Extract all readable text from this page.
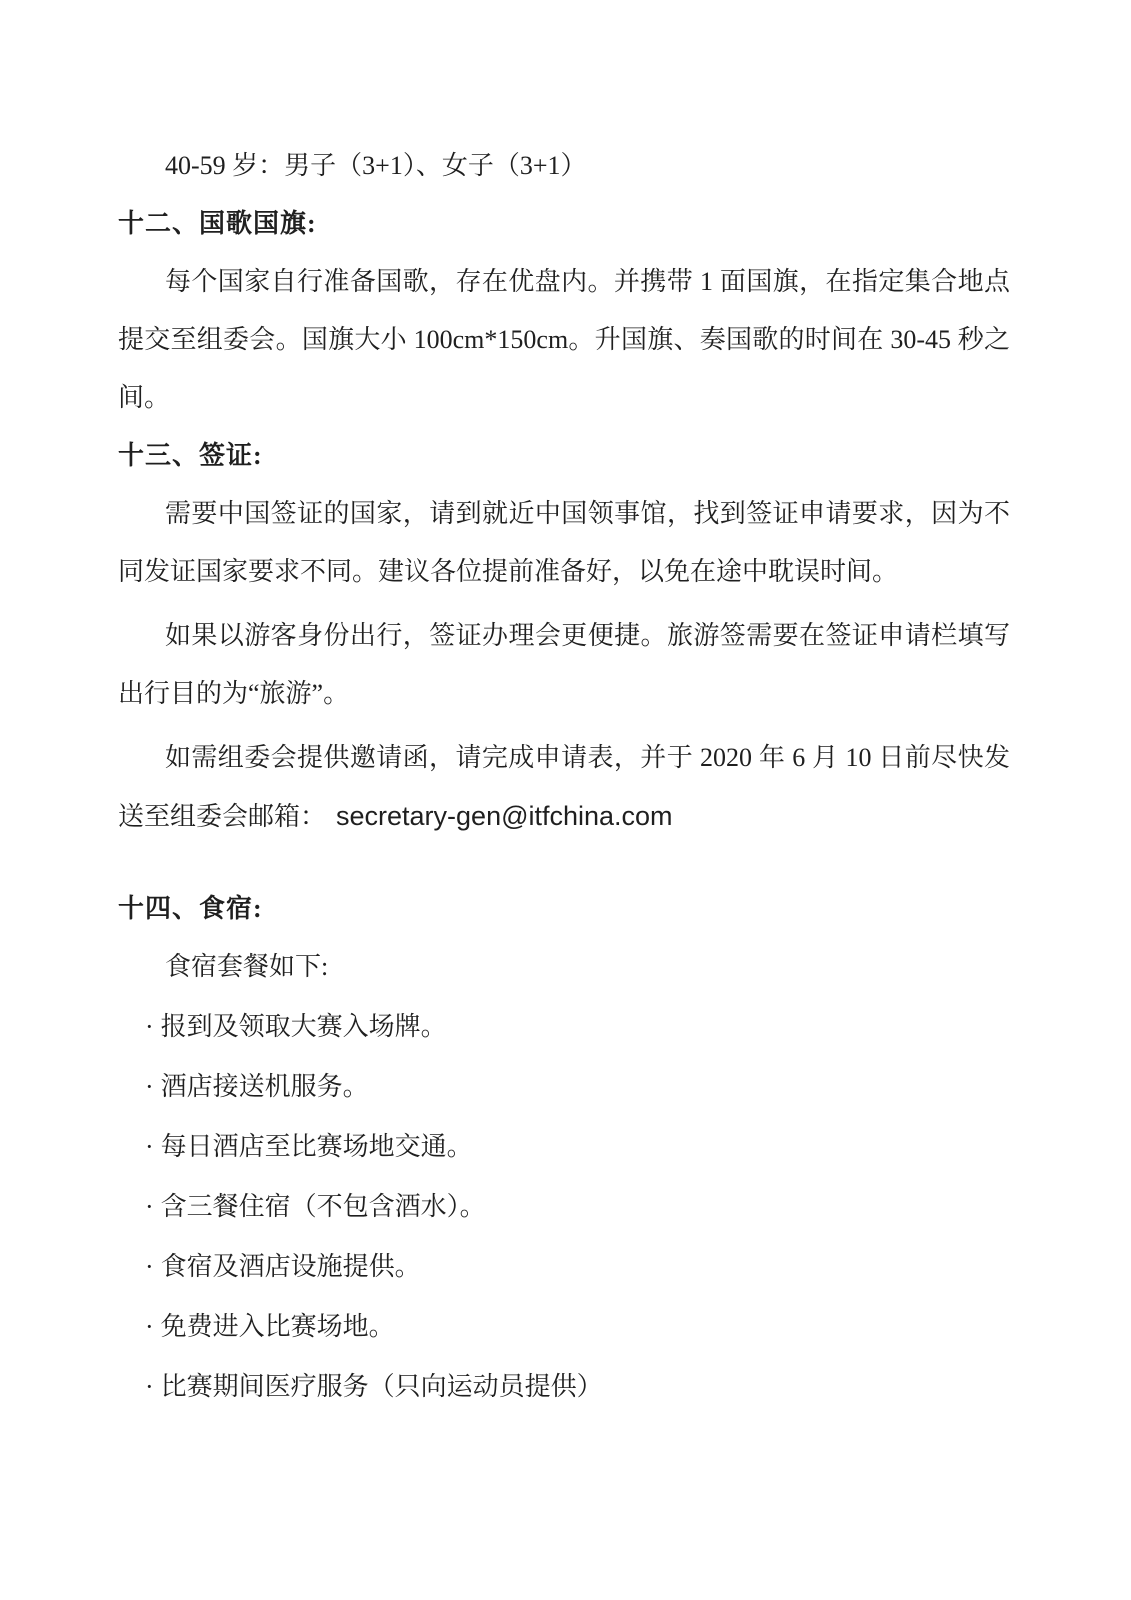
40-59 岁：男子（3+1）、女子（3+1）

十二、国歌国旗:

每个国家自行准备国歌，存在优盘内。并携带 1 面国旗，在指定集合地点提交至组委会。国旗大小 100cm*150cm。升国旗、奏国歌的时间在 30-45 秒之间。

十三、签证:

需要中国签证的国家，请到就近中国领事馆，找到签证申请要求，因为不同发证国家要求不同。建议各位提前准备好，以免在途中耽误时间。

如果以游客身份出行，签证办理会更便捷。旅游签需要在签证申请栏填写出行目的为“旅游”。

如需组委会提供邀请函，请完成申请表，并于 2020 年 6 月 10 日前尽快发送至组委会邮箱： secretary-gen@itfchina.com

十四、食宿:

食宿套餐如下:

· 报到及领取大赛入场牌。

· 酒店接送机服务。

· 每日酒店至比赛场地交通。

· 含三餐住宿（不包含酒水）。

· 食宿及酒店设施提供。

· 免费进入比赛场地。

· 比赛期间医疗服务（只向运动员提供）
